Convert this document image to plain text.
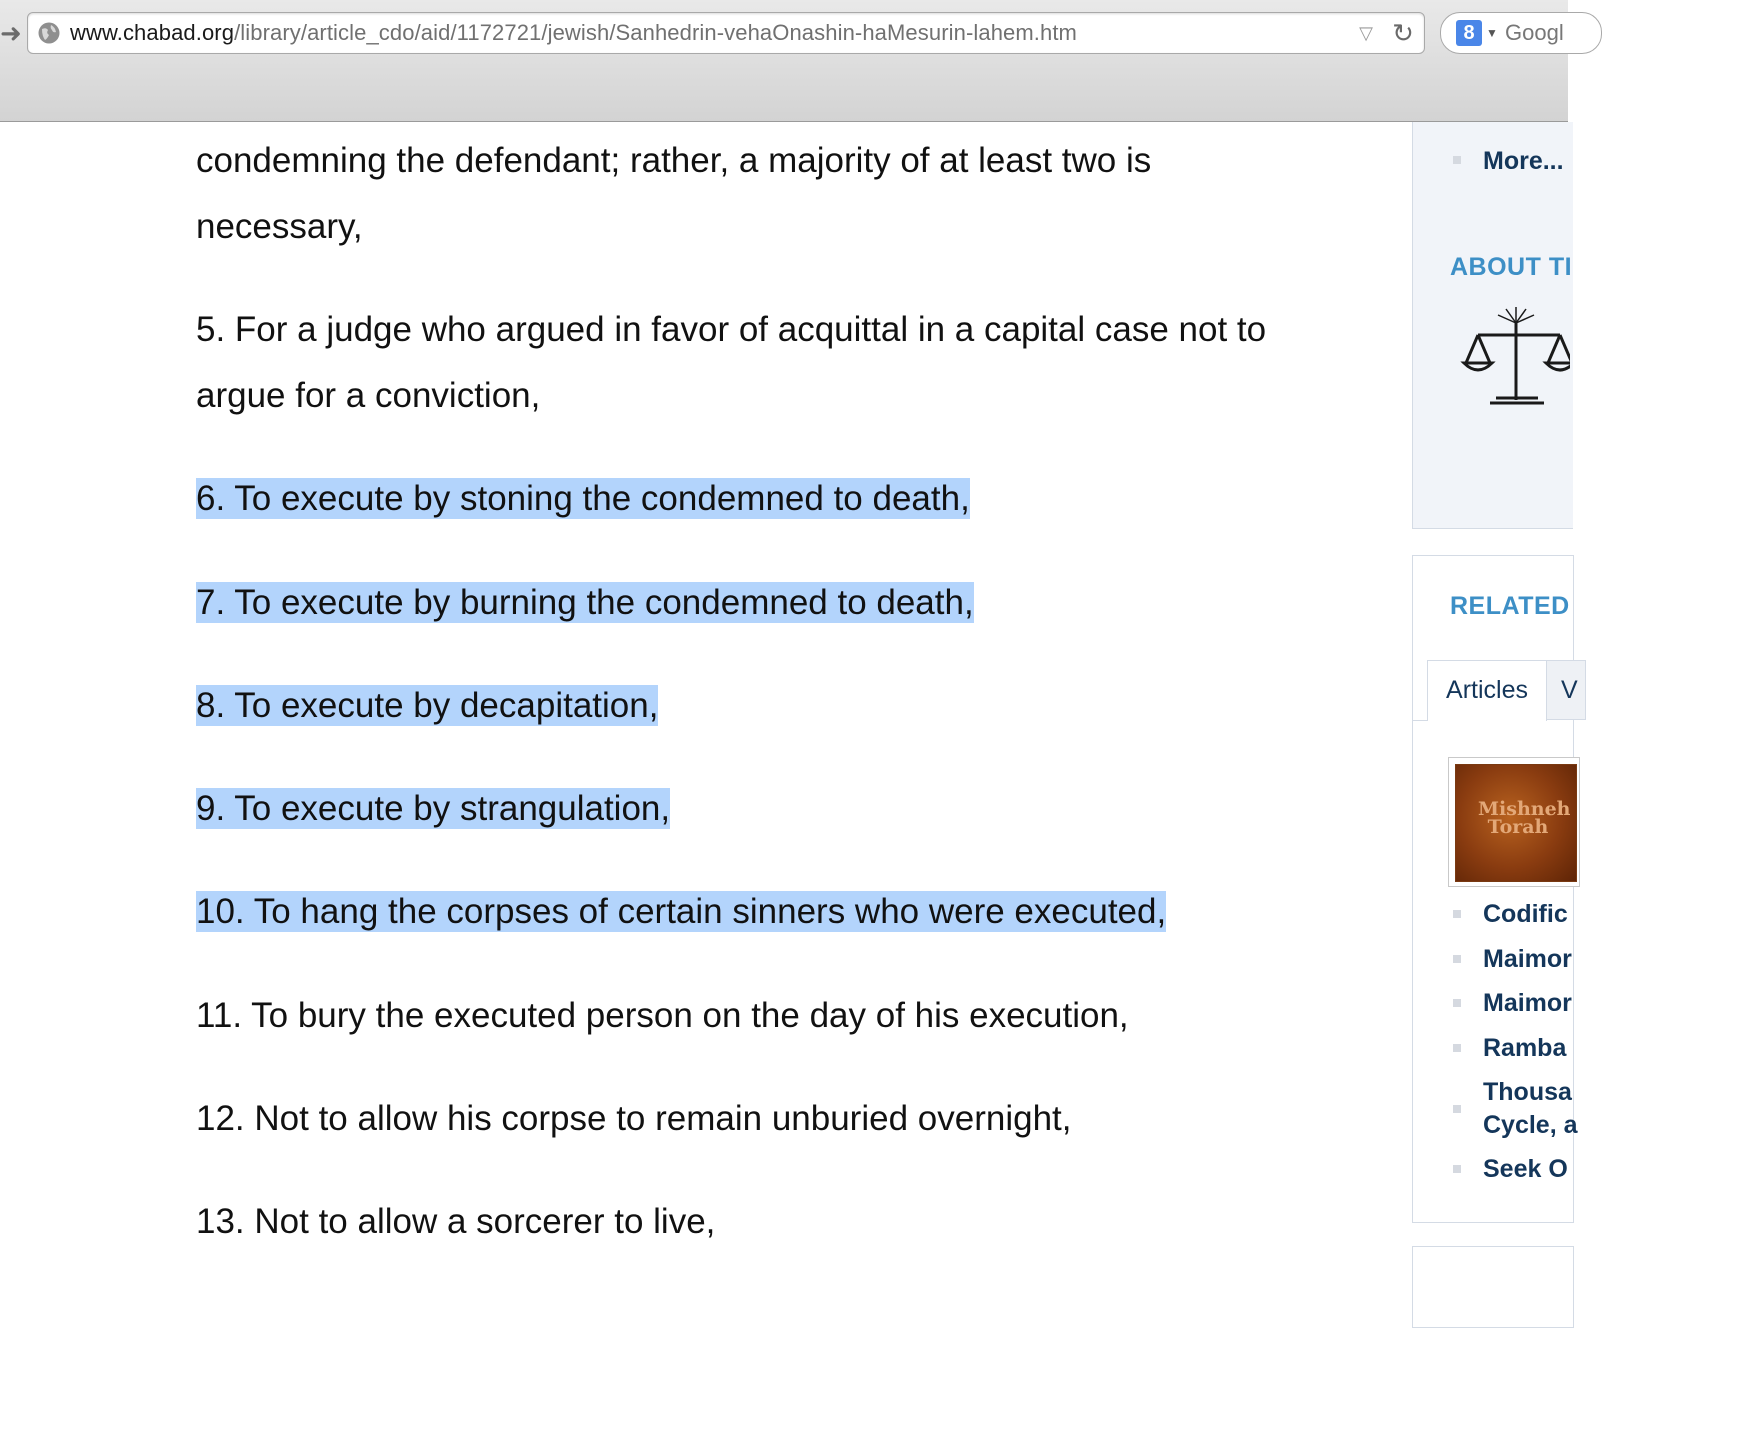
➜ www.chabad.org/library/article_cdo/aid/1172721/jewish/Sanhedrin-vehaOnashin-haMesurin-lahem.htm	▽ ↻	8 ▼ Googl
condemning the defendant; rather, a majority of at least two is
necessary,
5. For a judge who argued in favor of acquittal in a capital case not to
argue for a conviction,
6. To execute by stoning the condemned to death,
7. To execute by burning the condemned to death,
8. To execute by decapitation,
9. To execute by strangulation,
10. To hang the corpses of certain sinners who were executed,
11. To bury the executed person on the day of his execution,
12. Not to allow his corpse to remain unburied overnight,
13. Not to allow a sorcerer to live,
More...
ABOUT TI
RELATED
Articles	V
Mishneh Torah
Codific
Maimor
Maimor
Ramba
Thousa
Cycle, a
Seek O
